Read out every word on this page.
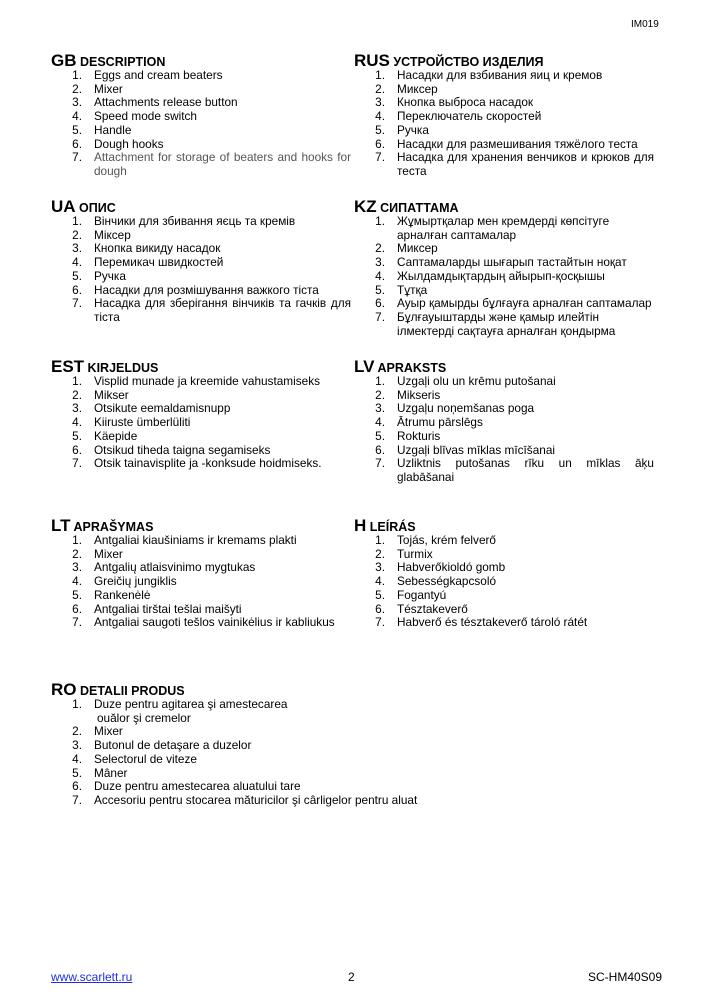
IM019
GB DESCRIPTION
1. Eggs and cream beaters
2. Mixer
3. Attachments release button
4. Speed mode switch
5. Handle
6. Dough hooks
7. Attachment for storage of beaters and hooks for dough
RUS УСТРОЙСТВО ИЗДЕЛИЯ
1. Насадки для взбивания яиц и кремов
2. Миксер
3. Кнопка выброса насадок
4. Переключатель скоростей
5. Ручка
6. Насадки для размешивания тяжёлого теста
7. Насадка для хранения венчиков и крюков для теста
UA ОПИС
1. Вінчики для збивання яєць та кремів
2. Міксер
3. Кнопка викиду насадок
4. Перемикач швидкостей
5. Ручка
6. Насадки для розмішування важкого тіста
7. Насадка для зберігання вінчиків та гачків для тіста
KZ СИПАТТАМА
1. Жұмыртқалар мен кремдерді көпсітуге арналған саптамалар
2. Миксер
3. Саптамаларды шығарып тастайтын ноқат
4. Жылдамдықтардың айырып-қосқышы
5. Тұтқа
6. Ауыр қамырды бұлғауға арналған саптамалар
7. Бұлғауыштарды және қамыр илейтін ілмектерді сақтауға арналған қондырма
EST KIRJELDUS
1. Visplid munade ja kreemide vahustamiseks
2. Mikser
3. Otsikute eemaldamisnupp
4. Kiiruste ümberlüliti
5. Käepide
6. Otsikud tiheda taigna segamiseks
7. Otsik tainavisplite ja -konksude hoidmiseks.
LV APRAKSTS
1. Uzgaļi olu un krēmu putošanai
2. Mikseris
3. Uzgaļu noņemšanas poga
4. Ātrumu pārslēgs
5. Rokturis
6. Uzgaļi blīvas mīklas mīcīšanai
7. Uzliktnis putošanas rīku un mīklas āķu glabāšanai
LT APRAŠYMAS
1. Antgaliai kiaušiniams ir kremams plakti
2. Mixer
3. Antgalių atlaisvinimo mygtukas
4. Greičių jungiklis
5. Rankenėlė
6. Antgaliai tirštai tešlai maišyti
7. Antgaliai saugoti tešlos vainikėlius ir kabliukus
H LEÍRÁS
1. Tojás, krém felverő
2. Turmix
3. Habverőkioldó gomb
4. Sebességkapcsoló
5. Fogantyú
6. Tésztakeverő
7. Habverő és tésztakeverő tároló rátét
RO DETALII PRODUS
1. Duze pentru agitarea şi amestecarea
ouălor şi cremelor
2. Mixer
3. Butonul de detaşare a duzelor
4. Selectorul de viteze
5. Mâner
6. Duze pentru amestecarea aluatului tare
7. Accesoriu pentru stocarea măturicilor şi cârligelor pentru aluat
www.scarlett.ru	2	SC-HM40S09
